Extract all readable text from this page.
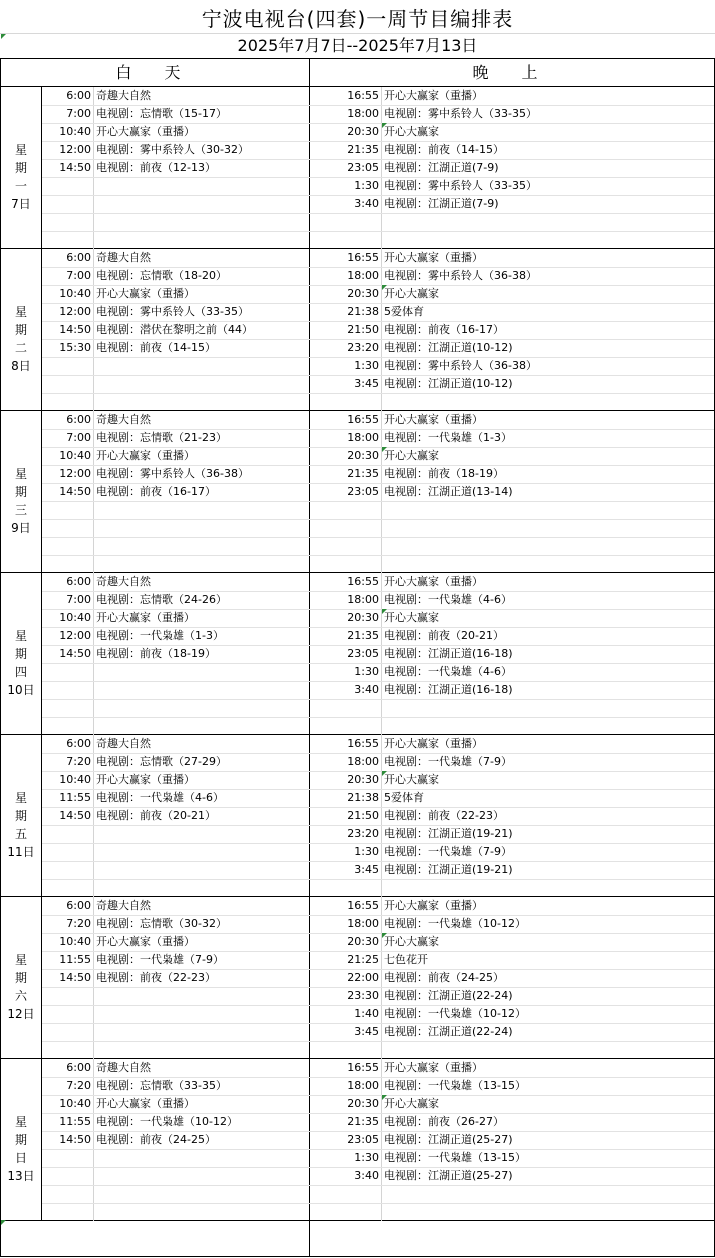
宁波电视台(四套)一周节目编排表
2025年7月7日--2025年7月13日
白 天	晚 上
星
期
一
7日
6:00 奇趣大自然
7:00 电视剧：忘情歌（15-17）
10:40 开心大赢家（重播）
12:00 电视剧：雾中系铃人（30-32）
14:50 电视剧：前夜（12-13）
16:55 开心大赢家（重播）
18:00 电视剧：雾中系铃人（33-35）
20:30 开心大赢家
21:35 电视剧：前夜（14-15）
23:05 电视剧：江湖正道(7-9)
1:30 电视剧：雾中系铃人（33-35）
3:40 电视剧：江湖正道(7-9)
星
期
二
8日
6:00 奇趣大自然
7:00 电视剧：忘情歌（18-20）
10:40 开心大赢家（重播）
12:00 电视剧：雾中系铃人（33-35）
14:50 电视剧：潜伏在黎明之前（44）
15:30 电视剧：前夜（14-15）
16:55 开心大赢家（重播）
18:00 电视剧：雾中系铃人（36-38）
20:30 开心大赢家
21:38 5爱体育
21:50 电视剧：前夜（16-17）
23:20 电视剧：江湖正道(10-12)
1:30 电视剧：雾中系铃人（36-38）
3:45 电视剧：江湖正道(10-12)
星
期
三
9日
6:00 奇趣大自然
7:00 电视剧：忘情歌（21-23）
10:40 开心大赢家（重播）
12:00 电视剧：雾中系铃人（36-38）
14:50 电视剧：前夜（16-17）
16:55 开心大赢家（重播）
18:00 电视剧：一代枭雄（1-3）
20:30 开心大赢家
21:35 电视剧：前夜（18-19）
23:05 电视剧：江湖正道(13-14)
星
期
四
10日
6:00 奇趣大自然
7:00 电视剧：忘情歌（24-26）
10:40 开心大赢家（重播）
12:00 电视剧：一代枭雄（1-3）
14:50 电视剧：前夜（18-19）
16:55 开心大赢家（重播）
18:00 电视剧：一代枭雄（4-6）
20:30 开心大赢家
21:35 电视剧：前夜（20-21）
23:05 电视剧：江湖正道(16-18)
1:30 电视剧：一代枭雄（4-6）
3:40 电视剧：江湖正道(16-18)
星
期
五
11日
6:00 奇趣大自然
7:20 电视剧：忘情歌（27-29）
10:40 开心大赢家（重播）
11:55 电视剧：一代枭雄（4-6）
14:50 电视剧：前夜（20-21）
16:55 开心大赢家（重播）
18:00 电视剧：一代枭雄（7-9）
20:30 开心大赢家
21:38 5爱体育
21:50 电视剧：前夜（22-23）
23:20 电视剧：江湖正道(19-21)
1:30 电视剧：一代枭雄（7-9）
3:45 电视剧：江湖正道(19-21)
星
期
六
12日
6:00 奇趣大自然
7:20 电视剧：忘情歌（30-32）
10:40 开心大赢家（重播）
11:55 电视剧：一代枭雄（7-9）
14:50 电视剧：前夜（22-23）
16:55 开心大赢家（重播）
18:00 电视剧：一代枭雄（10-12）
20:30 开心大赢家
21:25 七色花开
22:00 电视剧：前夜（24-25）
23:30 电视剧：江湖正道(22-24)
1:40 电视剧：一代枭雄（10-12）
3:45 电视剧：江湖正道(22-24)
星
期
日
13日
6:00 奇趣大自然
7:20 电视剧：忘情歌（33-35）
10:40 开心大赢家（重播）
11:55 电视剧：一代枭雄（10-12）
14:50 电视剧：前夜（24-25）
16:55 开心大赢家（重播）
18:00 电视剧：一代枭雄（13-15）
20:30 开心大赢家
21:35 电视剧：前夜（26-27）
23:05 电视剧：江湖正道(25-27)
1:30 电视剧：一代枭雄（13-15）
3:40 电视剧：江湖正道(25-27)
